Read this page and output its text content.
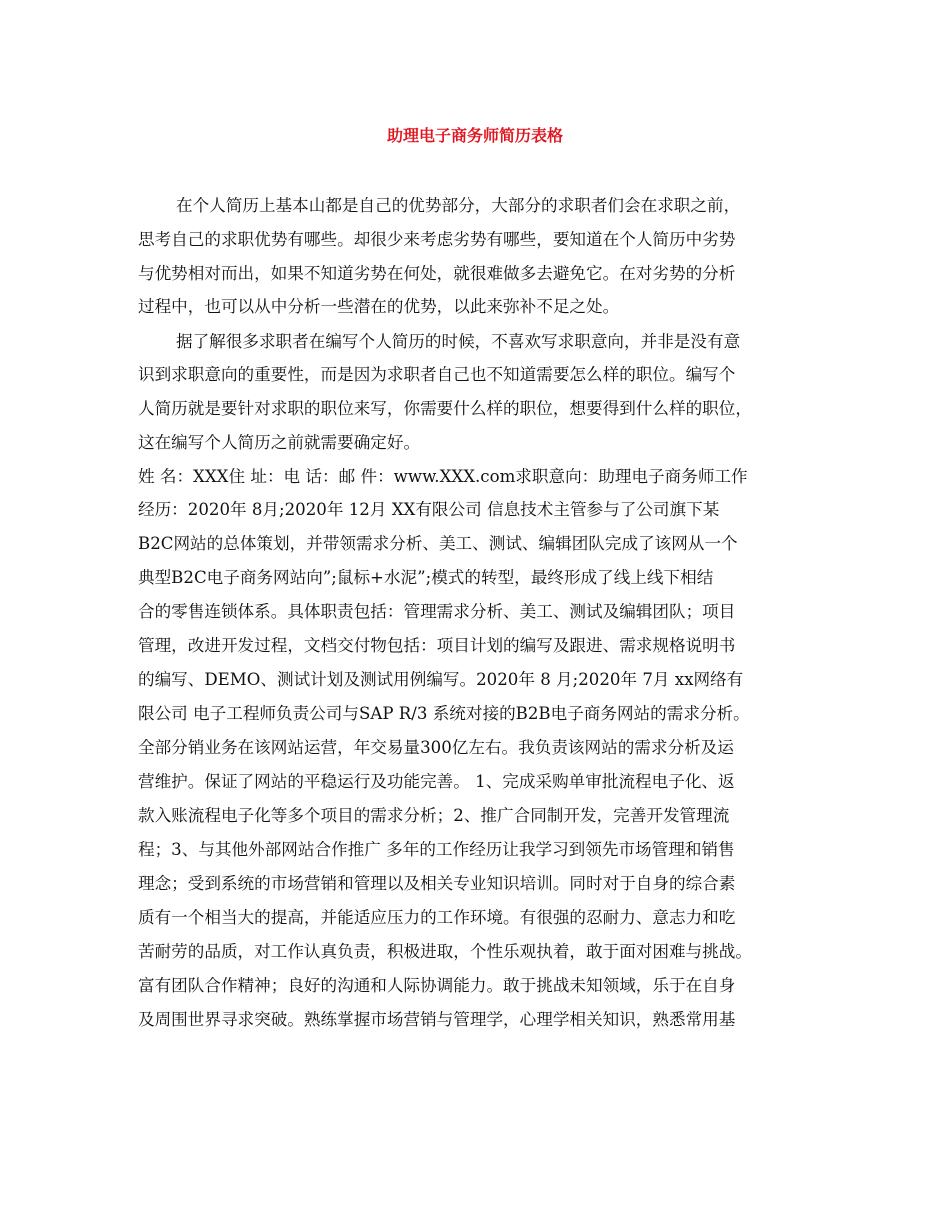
助理电子商务师简历表格
在个人简历上基本山都是自己的优势部分，大部分的求职者们会在求职之前，
思考自己的求职优势有哪些。却很少来考虑劣势有哪些，要知道在个人简历中劣势
与优势相对而出，如果不知道劣势在何处，就很难做多去避免它。在对劣势的分析
过程中，也可以从中分析一些潜在的优势，以此来弥补不足之处。
据了解很多求职者在编写个人简历的时候，不喜欢写求职意向，并非是没有意
识到求职意向的重要性，而是因为求职者自己也不知道需要怎么样的职位。编写个
人简历就是要针对求职的职位来写，你需要什么样的职位，想要得到什么样的职位，
这在编写个人简历之前就需要确定好。
姓 名：XXX住 址：电 话：邮 件：www.XXX.com求职意向：助理电子商务师工作
经历：2020年 8月;2020年 12月 XX有限公司 信息技术主管参与了公司旗下某
B2C网站的总体策划，并带领需求分析、美工、测试、编辑团队完成了该网从一个
典型B2C电子商务网站向”;鼠标+水泥”;模式的转型，最终形成了线上线下相结
合的零售连锁体系。具体职责包括：管理需求分析、美工、测试及编辑团队；项目
管理，改进开发过程，文档交付物包括：项目计划的编写及跟进、需求规格说明书
的编写、DEMO、测试计划及测试用例编写。2020年 8 月;2020年 7月 xx网络有
限公司 电子工程师负责公司与SAP R/3 系统对接的B2B电子商务网站的需求分析。
全部分销业务在该网站运营，年交易量300亿左右。我负责该网站的需求分析及运
营维护。保证了网站的平稳运行及功能完善。 1、完成采购单审批流程电子化、返
款入账流程电子化等多个项目的需求分析；2、推广合同制开发，完善开发管理流
程；3、与其他外部网站合作推广 多年的工作经历让我学习到领先市场管理和销售
理念；受到系统的市场营销和管理以及相关专业知识培训。同时对于自身的综合素
质有一个相当大的提高，并能适应压力的工作环境。有很强的忍耐力、意志力和吃
苦耐劳的品质，对工作认真负责，积极进取，个性乐观执着，敢于面对困难与挑战。
富有团队合作精神；良好的沟通和人际协调能力。敢于挑战未知领域，乐于在自身
及周围世界寻求突破。熟练掌握市场营销与管理学，心理学相关知识，熟悉常用基
